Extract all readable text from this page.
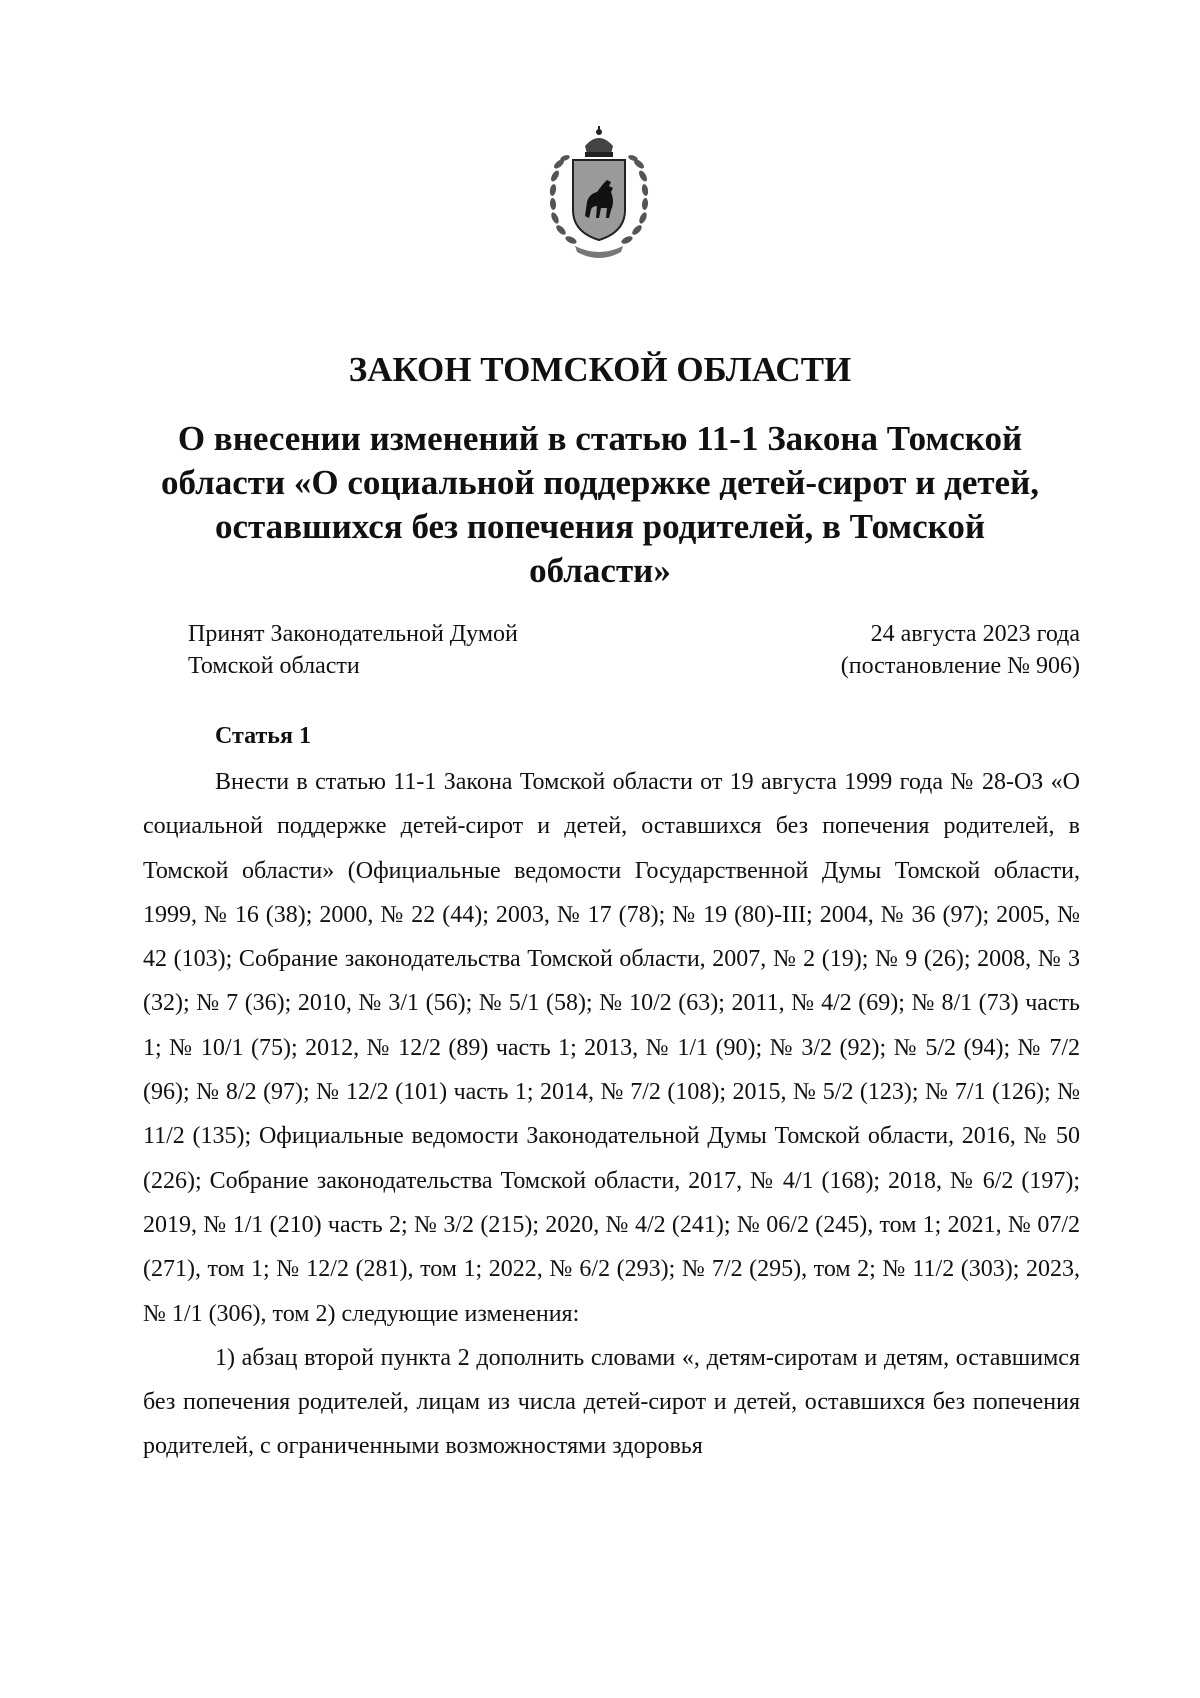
ЗАКОН ТОМСКОЙ ОБЛАСТИ
О внесении изменений в статью 11-1 Закона Томской области «О социальной поддержке детей-сирот и детей, оставшихся без попечения родителей, в Томской области»
Принят Законодательной Думой
Томской области
24 августа 2023 года
(постановление № 906)
Статья 1

Внести в статью 11-1 Закона Томской области от 19 августа 1999 года № 28-ОЗ «О социальной поддержке детей-сирот и детей, оставшихся без попечения родителей, в Томской области» (Официальные ведомости Государственной Думы Томской области, 1999, № 16 (38); 2000, № 22 (44); 2003, № 17 (78); № 19 (80)-III; 2004, № 36 (97); 2005, № 42 (103); Собрание законодательства Томской области, 2007, № 2 (19); № 9 (26); 2008, № 3 (32); № 7 (36); 2010, № 3/1 (56); № 5/1 (58); № 10/2 (63); 2011, № 4/2 (69); № 8/1 (73) часть 1; № 10/1 (75); 2012, № 12/2 (89) часть 1; 2013, № 1/1 (90); № 3/2 (92); № 5/2 (94); № 7/2 (96); № 8/2 (97); № 12/2 (101) часть 1; 2014, № 7/2 (108); 2015, № 5/2 (123); № 7/1 (126); № 11/2 (135); Официальные ведомости Законодательной Думы Томской области, 2016, № 50 (226); Собрание законодательства Томской области, 2017, № 4/1 (168); 2018, № 6/2 (197); 2019, № 1/1 (210) часть 2; № 3/2 (215); 2020, № 4/2 (241); № 06/2 (245), том 1; 2021, № 07/2 (271), том 1; № 12/2 (281), том 1; 2022, № 6/2 (293); № 7/2 (295), том 2; № 11/2 (303); 2023, № 1/1 (306), том 2) следующие изменения:

1) абзац второй пункта 2 дополнить словами «, детям-сиротам и детям, оставшимся без попечения родителей, лицам из числа детей-сирот и детей, оставшихся без попечения родителей, с ограниченными возможностями здоровья
